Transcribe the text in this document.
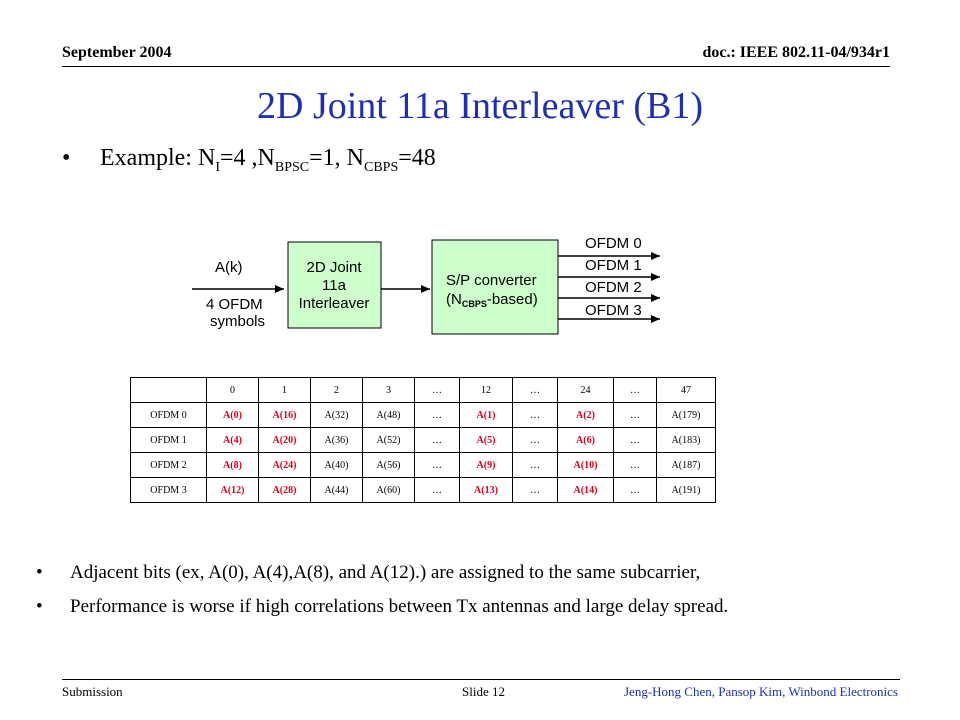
September 2004	doc.: IEEE 802.11-04/934r1
2D Joint 11a Interleaver (B1)
• Example: $N_I=4$ $,N_{BPSC}=1$, $N_{CBPS}=48$
A(k)
4 OFDM
symbols
2D Joint
11a
Interleaver
S/P converter
$(N_{CBPS}-based)$
OFDM 0
OFDM 1
OFDM 2
OFDM 3
	0	1	2	3	…	12	…	24	…	47
OFDM 0	A(0)	A(16)	A(32)	A(48)	…	A(1)	…	A(2)	…	A(179)
OFDM 1	A(4)	A(20)	A(36)	A(52)	…	A(5)	…	A(6)	…	A(183)
OFDM 2	A(8)	A(24)	A(40)	A(56)	…	A(9)	…	A(10)	…	A(187)
OFDM 3	A(12)	A(28)	A(44)	A(60)	…	A(13)	…	A(14)	…	A(191)
• Adjacent bits (ex, A(0), A(4),A(8), and A(12).) are assigned to the same subcarrier,
• Performance is worse if high correlations between Tx antennas and large delay spread.
Submission	Slide 12	Jeng-Hong Chen, Pansop Kim, Winbond Electronics
